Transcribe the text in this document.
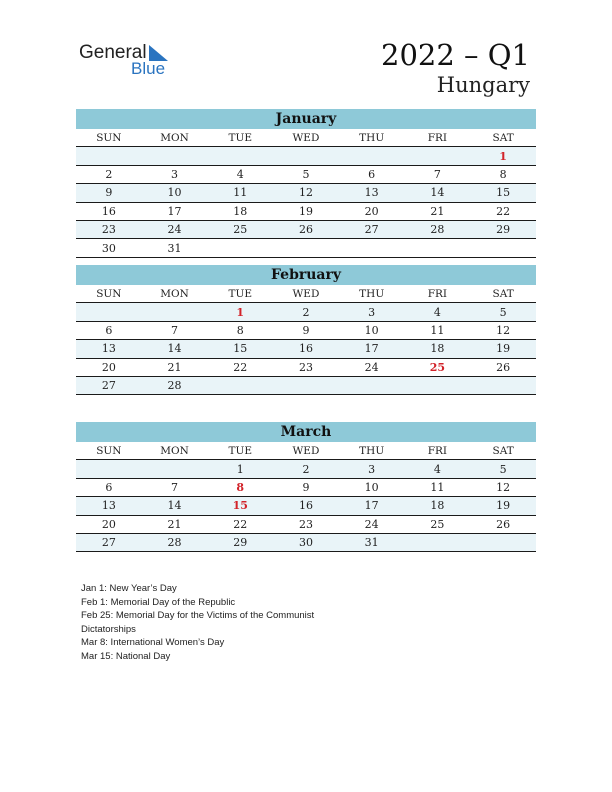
General
Blue	2022 – Q1
Hungary
January
SUN	MON	TUE	WED	THU	FRI	SAT
						1
2	3	4	5	6	7	8
9	10	11	12	13	14	15
16	17	18	19	20	21	22
23	24	25	26	27	28	29
30	31					
February
SUN	MON	TUE	WED	THU	FRI	SAT
		1	2	3	4	5
6	7	8	9	10	11	12
13	14	15	16	17	18	19
20	21	22	23	24	25	26
27	28					
March
SUN	MON	TUE	WED	THU	FRI	SAT
		1	2	3	4	5
6	7	8	9	10	11	12
13	14	15	16	17	18	19
20	21	22	23	24	25	26
27	28	29	30	31		
Jan 1: New Year’s Day
Feb 1: Memorial Day of the Republic
Feb 25: Memorial Day for the Victims of the Communist
Dictatorships
Mar 8: International Women’s Day
Mar 15: National Day
